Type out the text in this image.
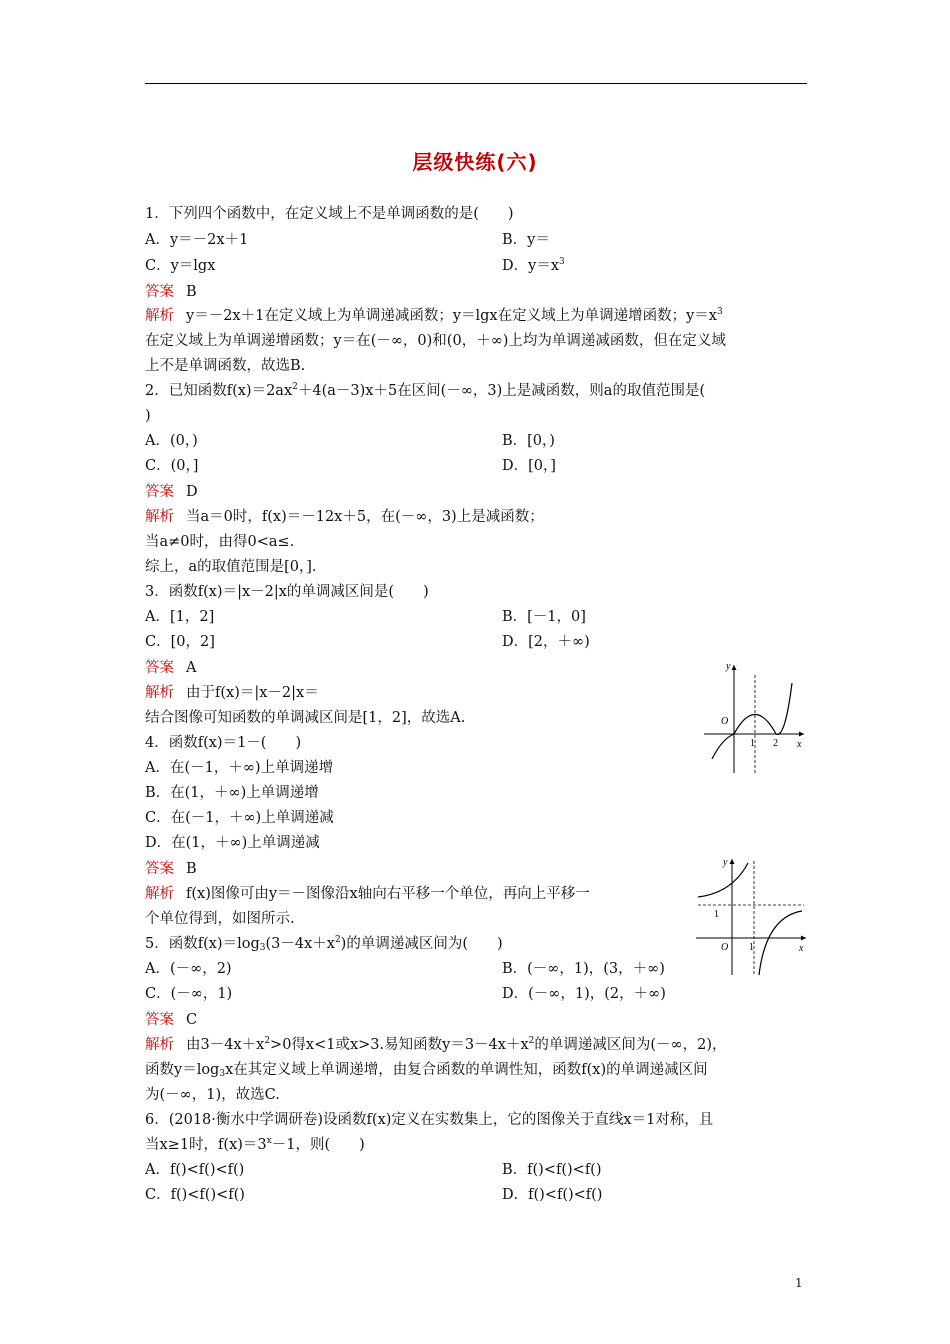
层级快练(六)
1．下列四个函数中，在定义域上不是单调函数的是(　　)
A．y＝－2x＋1	B．y＝
C．y＝lgx	D．$y=x^3$
答案 B
解析 y＝－2x＋1在定义域上为单调递减函数；y＝lgx在定义域上为单调递增函数；$y=x^3$
在定义域上为单调递增函数；y＝在(－∞，0)和(0，＋∞)上均为单调递减函数，但在定义域
上不是单调函数，故选B.
2．已知函数$f(x)=2ax^2+4(a-3)x+5$在区间(－∞，3)上是减函数，则a的取值范围是(
)
A．(0，)	B．[0，)
C．(0，]	D．[0，]
答案 D
解析 当a＝0时，f(x)＝－12x＋5，在(－∞，3)上是减函数；
当a≠0时，由得0<a≤.
综上，a的取值范围是[0，].
3．函数f(x)＝|x－2|x的单调减区间是(　　)
A．[1，2]	B．[－1，0]
C．[0，2]	D．[2，＋∞)
答案 A
解析 由于f(x)＝|x－2|x＝
结合图像可知函数的单调减区间是[1，2]，故选A.
y
x
O
1 2
4．函数f(x)＝1－(　　)
A．在(－1，＋∞)上单调递增
B．在(1，＋∞)上单调递增
C．在(－1，＋∞)上单调递减
D．在(1，＋∞)上单调递减
答案 B
解析 f(x)图像可由y＝－图像沿x轴向右平移一个单位，再向上平移一
个单位得到，如图所示.
y
x
O 1
1
5．函数$f(x)=\log_3(3-4x+x^2)$的单调递减区间为(　　)
A．(－∞，2)	B．(－∞，1)，(3，＋∞)
C．(－∞，1)	D．(－∞，1)，(2，＋∞)
答案 C
解析 由$3-4x+x^2>0$得x<1或x>3.易知函数$y=3-4x+x^2$的单调递减区间为(－∞，2)，
函数$y=\log_3x$在其定义域上单调递增，由复合函数的单调性知，函数f(x)的单调递减区间
为(－∞，1)，故选C.
6．(2018·衡水中学调研卷)设函数f(x)定义在实数集上，它的图像关于直线x＝1对称，且
当x≥1时，$f(x)=3^x-1$，则(　　)
A．f()<f()<f()	B．f()<f()<f()
C．f()<f()<f()	D．f()<f()<f()
1
